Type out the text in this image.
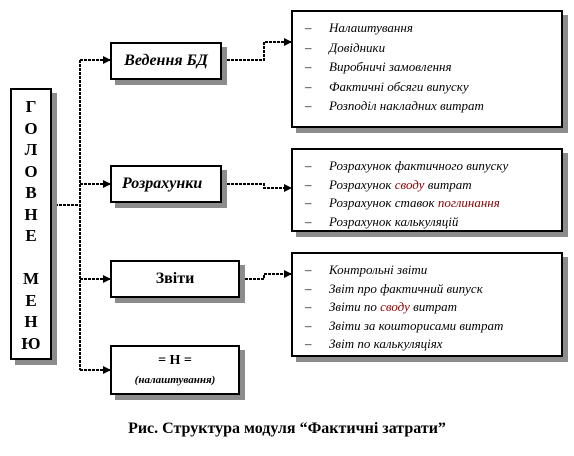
Г
О
Л
О
В
Н
Е
М
Е
Н
Ю
Ведення БД
Розрахунки
Звіти
= Н =
(налаштування)
– Налаштування
– Довідники
– Виробничі замовлення
– Фактичні обсяги випуску
– Розподіл накладних витрат
– Розрахунок фактичного випуску
– Розрахунок своду витрат
– Розрахунок ставок поглинання
– Розрахунок калькуляцій
– Контрольні звіти
– Звіт про фактичний випуск
– Звіти по своду витрат
– Звіти за кошторисами витрат
– Звіт по калькуляціях
Рис. Структура модуля “Фактичні затрати”
